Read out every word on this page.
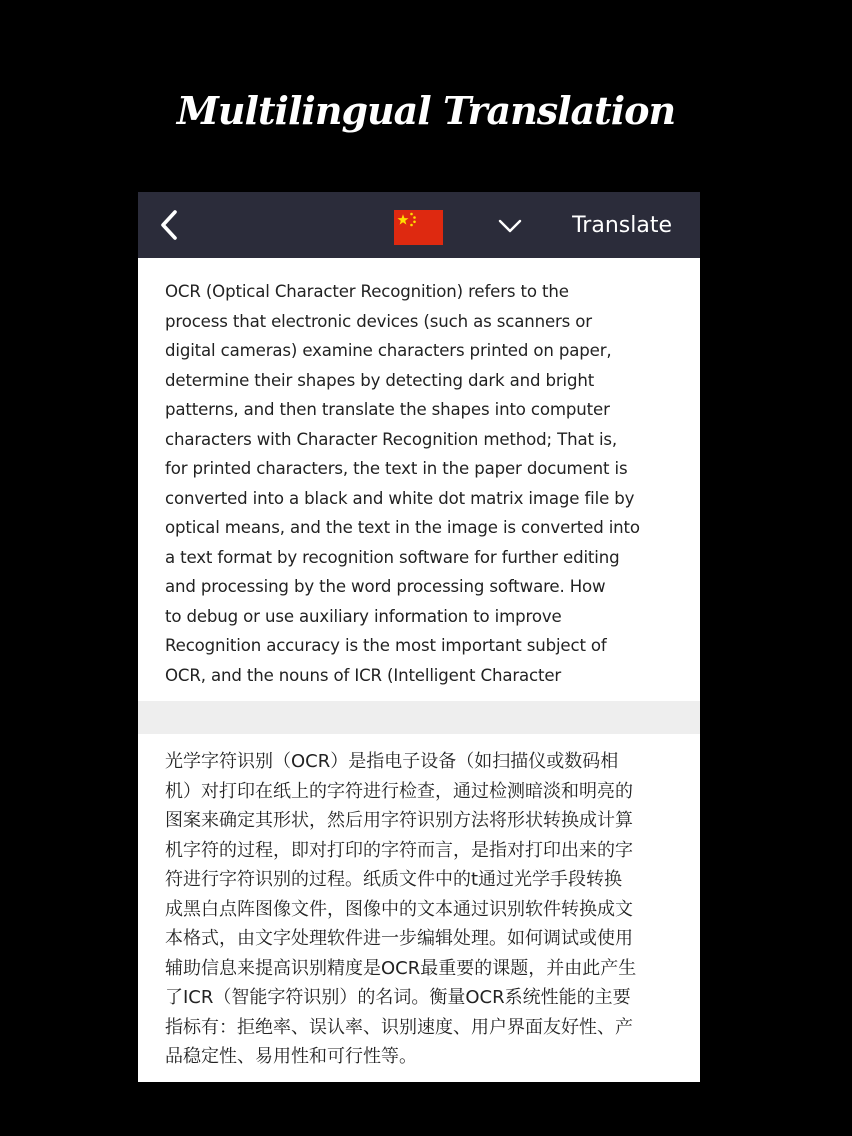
Multilingual Translation
Translate

OCR (Optical Character Recognition) refers to the
process that electronic devices (such as scanners or
digital cameras) examine characters printed on paper,
determine their shapes by detecting dark and bright
patterns, and then translate the shapes into computer
characters with Character Recognition method; That is,
for printed characters, the text in the paper document is
converted into a black and white dot matrix image file by
optical means, and the text in the image is converted into
a text format by recognition software for further editing
and processing by the word processing software. How
to debug or use auxiliary information to improve
Recognition accuracy is the most important subject of
OCR, and the nouns of ICR (Intelligent Character

光学字符识别（OCR）是指电子设备（如扫描仪或数码相
机）对打印在纸上的字符进行检查，通过检测暗淡和明亮的
图案来确定其形状，然后用字符识别方法将形状转换成计算
机字符的过程，即对打印的字符而言，是指对打印出来的字
符进行字符识别的过程。纸质文件中的t通过光学手段转换
成黑白点阵图像文件，图像中的文本通过识别软件转换成文
本格式，由文字处理软件进一步编辑处理。如何调试或使用
辅助信息来提高识别精度是OCR最重要的课题，并由此产生
了ICR（智能字符识别）的名词。衡量OCR系统性能的主要
指标有：拒绝率、误认率、识别速度、用户界面友好性、产
品稳定性、易用性和可行性等。
